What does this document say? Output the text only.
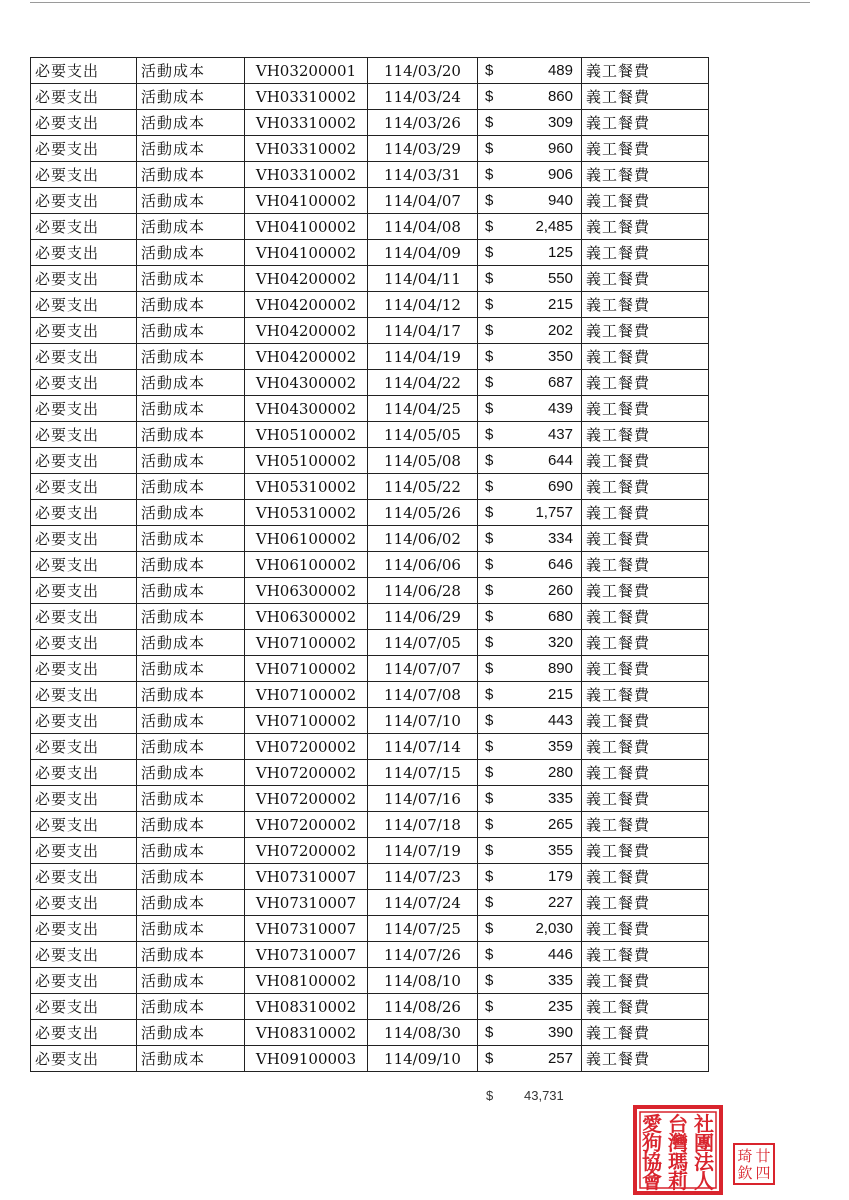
必要支出	活動成本	VH03200001	114/03/20	$ 489	義工餐費
必要支出	活動成本	VH03310002	114/03/24	$ 860	義工餐費
必要支出	活動成本	VH03310002	114/03/26	$ 309	義工餐費
必要支出	活動成本	VH03310002	114/03/29	$ 960	義工餐費
必要支出	活動成本	VH03310002	114/03/31	$ 906	義工餐費
必要支出	活動成本	VH04100002	114/04/07	$ 940	義工餐費
必要支出	活動成本	VH04100002	114/04/08	$ 2,485	義工餐費
必要支出	活動成本	VH04100002	114/04/09	$ 125	義工餐費
必要支出	活動成本	VH04200002	114/04/11	$ 550	義工餐費
必要支出	活動成本	VH04200002	114/04/12	$ 215	義工餐費
必要支出	活動成本	VH04200002	114/04/17	$ 202	義工餐費
必要支出	活動成本	VH04200002	114/04/19	$ 350	義工餐費
必要支出	活動成本	VH04300002	114/04/22	$ 687	義工餐費
必要支出	活動成本	VH04300002	114/04/25	$ 439	義工餐費
必要支出	活動成本	VH05100002	114/05/05	$ 437	義工餐費
必要支出	活動成本	VH05100002	114/05/08	$ 644	義工餐費
必要支出	活動成本	VH05310002	114/05/22	$ 690	義工餐費
必要支出	活動成本	VH05310002	114/05/26	$ 1,757	義工餐費
必要支出	活動成本	VH06100002	114/06/02	$ 334	義工餐費
必要支出	活動成本	VH06100002	114/06/06	$ 646	義工餐費
必要支出	活動成本	VH06300002	114/06/28	$ 260	義工餐費
必要支出	活動成本	VH06300002	114/06/29	$ 680	義工餐費
必要支出	活動成本	VH07100002	114/07/05	$ 320	義工餐費
必要支出	活動成本	VH07100002	114/07/07	$ 890	義工餐費
必要支出	活動成本	VH07100002	114/07/08	$ 215	義工餐費
必要支出	活動成本	VH07100002	114/07/10	$ 443	義工餐費
必要支出	活動成本	VH07200002	114/07/14	$ 359	義工餐費
必要支出	活動成本	VH07200002	114/07/15	$ 280	義工餐費
必要支出	活動成本	VH07200002	114/07/16	$ 335	義工餐費
必要支出	活動成本	VH07200002	114/07/18	$ 265	義工餐費
必要支出	活動成本	VH07200002	114/07/19	$ 355	義工餐費
必要支出	活動成本	VH07310007	114/07/23	$ 179	義工餐費
必要支出	活動成本	VH07310007	114/07/24	$ 227	義工餐費
必要支出	活動成本	VH07310007	114/07/25	$ 2,030	義工餐費
必要支出	活動成本	VH07310007	114/07/26	$ 446	義工餐費
必要支出	活動成本	VH08100002	114/08/10	$ 335	義工餐費
必要支出	活動成本	VH08310002	114/08/26	$ 235	義工餐費
必要支出	活動成本	VH08310002	114/08/30	$ 390	義工餐費
必要支出	活動成本	VH09100003	114/09/10	$ 257	義工餐費
$ 43,731
社
團
法
人
台
灣
瑪
莉
愛
狗
協
會
廿
四
琦
欽
